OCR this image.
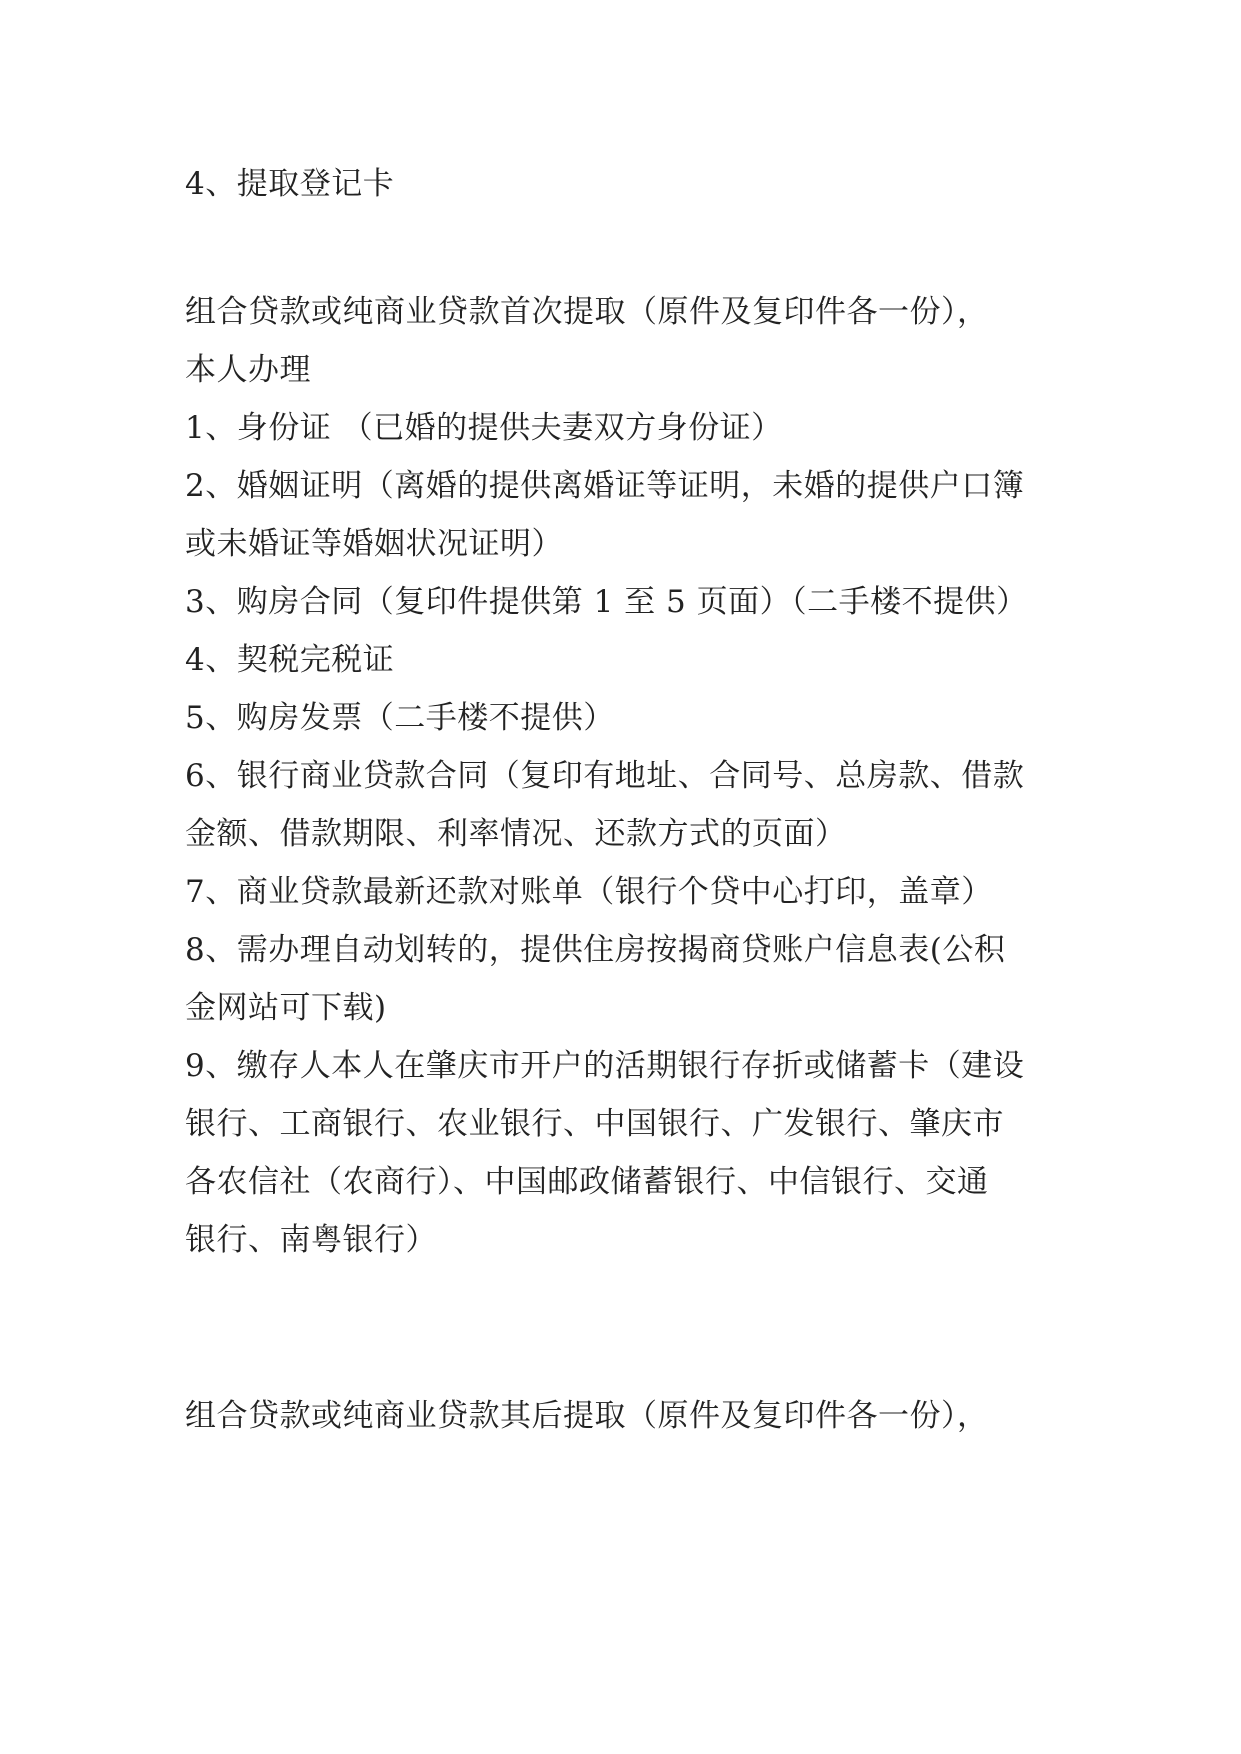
4、提取登记卡
组合贷款或纯商业贷款首次提取（原件及复印件各一份），
本人办理
1、身份证 （已婚的提供夫妻双方身份证）
2、婚姻证明（离婚的提供离婚证等证明，未婚的提供户口簿
或未婚证等婚姻状况证明）
3、购房合同（复印件提供第 1 至 5 页面）（二手楼不提供）
4、契税完税证
5、购房发票（二手楼不提供）
6、银行商业贷款合同（复印有地址、合同号、总房款、借款
金额、借款期限、利率情况、还款方式的页面）
7、商业贷款最新还款对账单（银行个贷中心打印，盖章）
8、需办理自动划转的，提供住房按揭商贷账户信息表(公积
金网站可下载)
9、缴存人本人在肇庆市开户的活期银行存折或储蓄卡（建设
银行、工商银行、农业银行、中国银行、广发银行、肇庆市
各农信社（农商行）、中国邮政储蓄银行、中信银行、交通
银行、南粤银行）
组合贷款或纯商业贷款其后提取（原件及复印件各一份），
